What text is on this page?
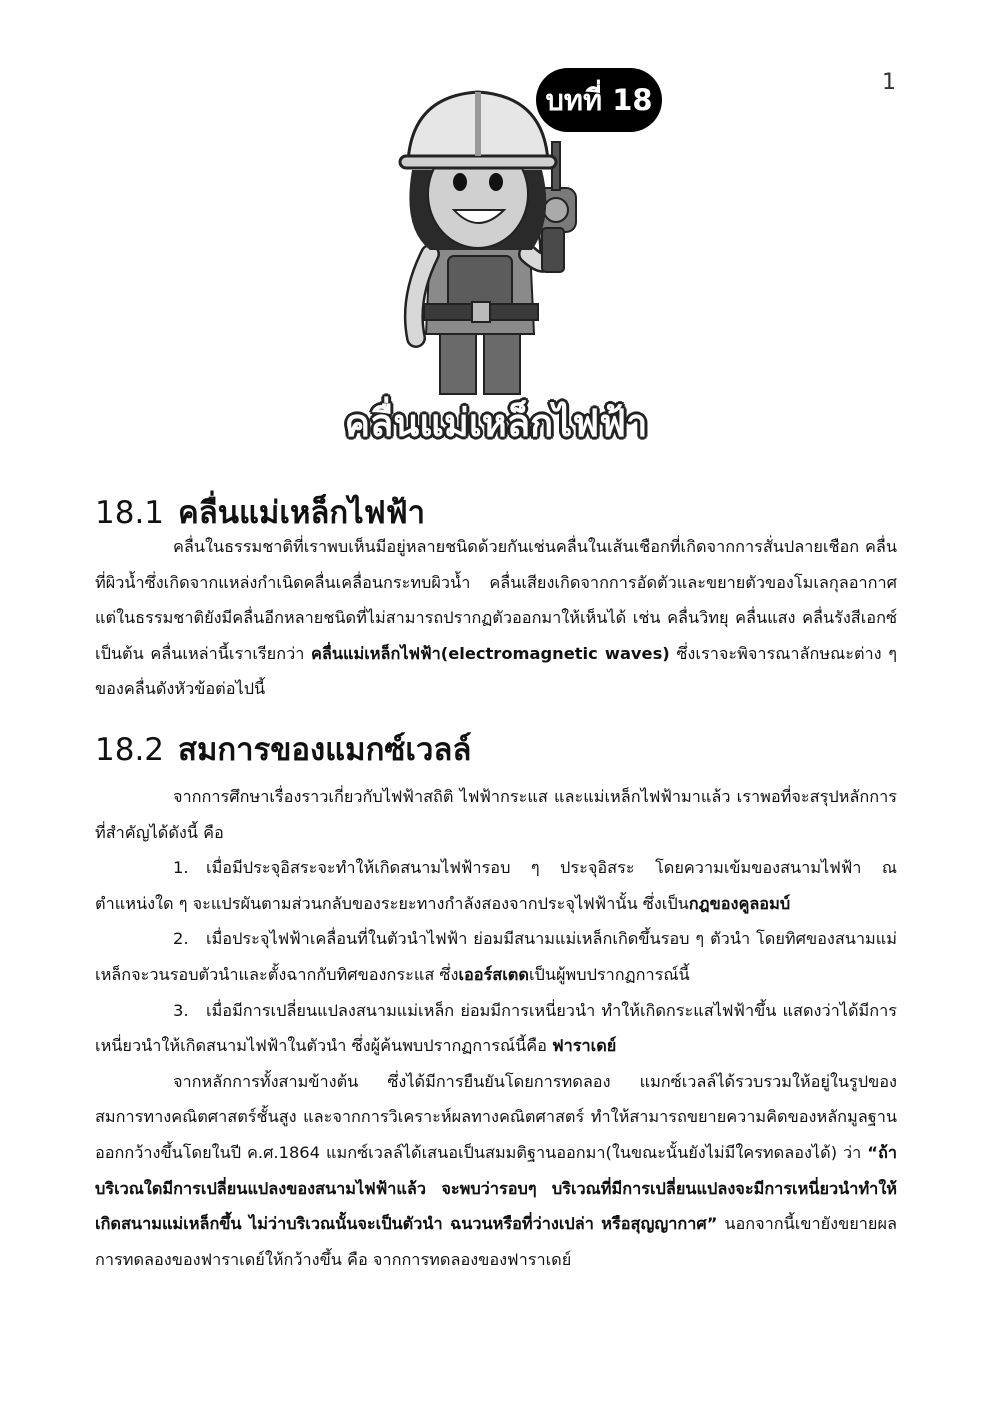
1
บทที่ 18
คลื่นแม่เหล็กไฟฟ้า
18.1 คลื่นแม่เหล็กไฟฟ้า

คลื่นในธรรมชาติที่เราพบเห็นมีอยู่หลายชนิดด้วยกันเช่นคลื่นในเส้นเชือกที่เกิดจากการสั่นปลายเชือก คลื่นที่ผิวน้ำซึ่งเกิดจากแหล่งกำเนิดคลื่นเคลื่อนกระทบผิวน้ำ คลื่นเสียงเกิดจากการอัดตัวและขยายตัวของโมเลกุลอากาศ แต่ในธรรมชาติยังมีคลื่นอีกหลายชนิดที่ไม่สามารถปรากฏตัวออกมาให้เห็นได้ เช่น คลื่นวิทยุ คลื่นแสง คลื่นรังสีเอกซ์ เป็นต้น คลื่นเหล่านี้เราเรียกว่า คลื่นแม่เหล็กไฟฟ้า(electromagnetic waves) ซึ่งเราจะพิจารณาลักษณะต่าง ๆ ของคลื่นดังหัวข้อต่อไปนี้

18.2 สมการของแมกซ์เวลล์

จากการศึกษาเรื่องราวเกี่ยวกับไฟฟ้าสถิติ ไฟฟ้ากระแส และแม่เหล็กไฟฟ้ามาแล้ว เราพอที่จะสรุปหลักการที่สำคัญได้ดังนี้ คือ

1. เมื่อมีประจุอิสระจะทำให้เกิดสนามไฟฟ้ารอบ ๆ ประจุอิสระ โดยความเข้มของสนามไฟฟ้า ณ ตำแหน่งใด ๆ จะแปรผันตามส่วนกลับของระยะทางกำลังสองจากประจุไฟฟ้านั้น ซึ่งเป็นกฎของคูลอมบ์

2. เมื่อประจุไฟฟ้าเคลื่อนที่ในตัวนำไฟฟ้า ย่อมมีสนามแม่เหล็กเกิดขึ้นรอบ ๆ ตัวนำ โดยทิศของสนามแม่เหล็กจะวนรอบตัวนำและตั้งฉากกับทิศของกระแส ซึ่งเออร์สเตดเป็นผู้พบปรากฏการณ์นี้

3. เมื่อมีการเปลี่ยนแปลงสนามแม่เหล็ก ย่อมมีการเหนี่ยวนำ ทำให้เกิดกระแสไฟฟ้าขึ้น แสดงว่าได้มีการเหนี่ยวนำให้เกิดสนามไฟฟ้าในตัวนำ ซึ่งผู้ค้นพบปรากฏการณ์นี้คือ ฟาราเดย์

จากหลักการทั้งสามข้างต้น ซึ่งได้มีการยืนยันโดยการทดลอง แมกซ์เวลล์ได้รวบรวมให้อยู่ในรูปของสมการทางคณิตศาสตร์ชั้นสูง และจากการวิเคราะห์ผลทางคณิตศาสตร์ ทำให้สามารถขยายความคิดของหลักมูลฐานออกกว้างขึ้นโดยในปี ค.ศ.1864 แมกซ์เวลล์ได้เสนอเป็นสมมติฐานออกมา(ในขณะนั้นยังไม่มีใครทดลองได้) ว่า “ถ้าบริเวณใดมีการเปลี่ยนแปลงของสนามไฟฟ้าแล้ว จะพบว่ารอบๆ บริเวณที่มีการเปลี่ยนแปลงจะมีการเหนี่ยวนำทำให้เกิดสนามแม่เหล็กขึ้น ไม่ว่าบริเวณนั้นจะเป็นตัวนำ ฉนวนหรือที่ว่างเปล่า หรือสุญญากาศ” นอกจากนี้เขายังขยายผลการทดลองของฟาราเดย์ให้กว้างขึ้น คือ จากการทดลองของฟาราเดย์
